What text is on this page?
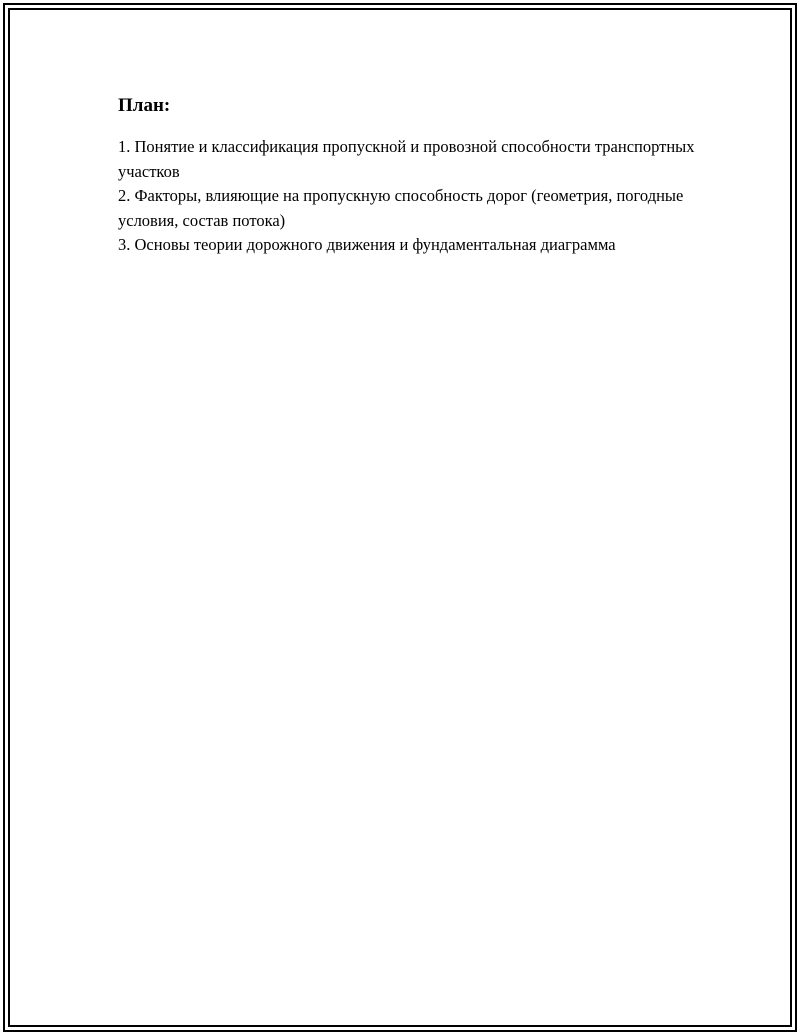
План:
1. Понятие и классификация пропускной и провозной способности транспортных участков
2. Факторы, влияющие на пропускную способность дорог (геометрия, погодные условия, состав потока)
3. Основы теории дорожного движения и фундаментальная диаграмма
